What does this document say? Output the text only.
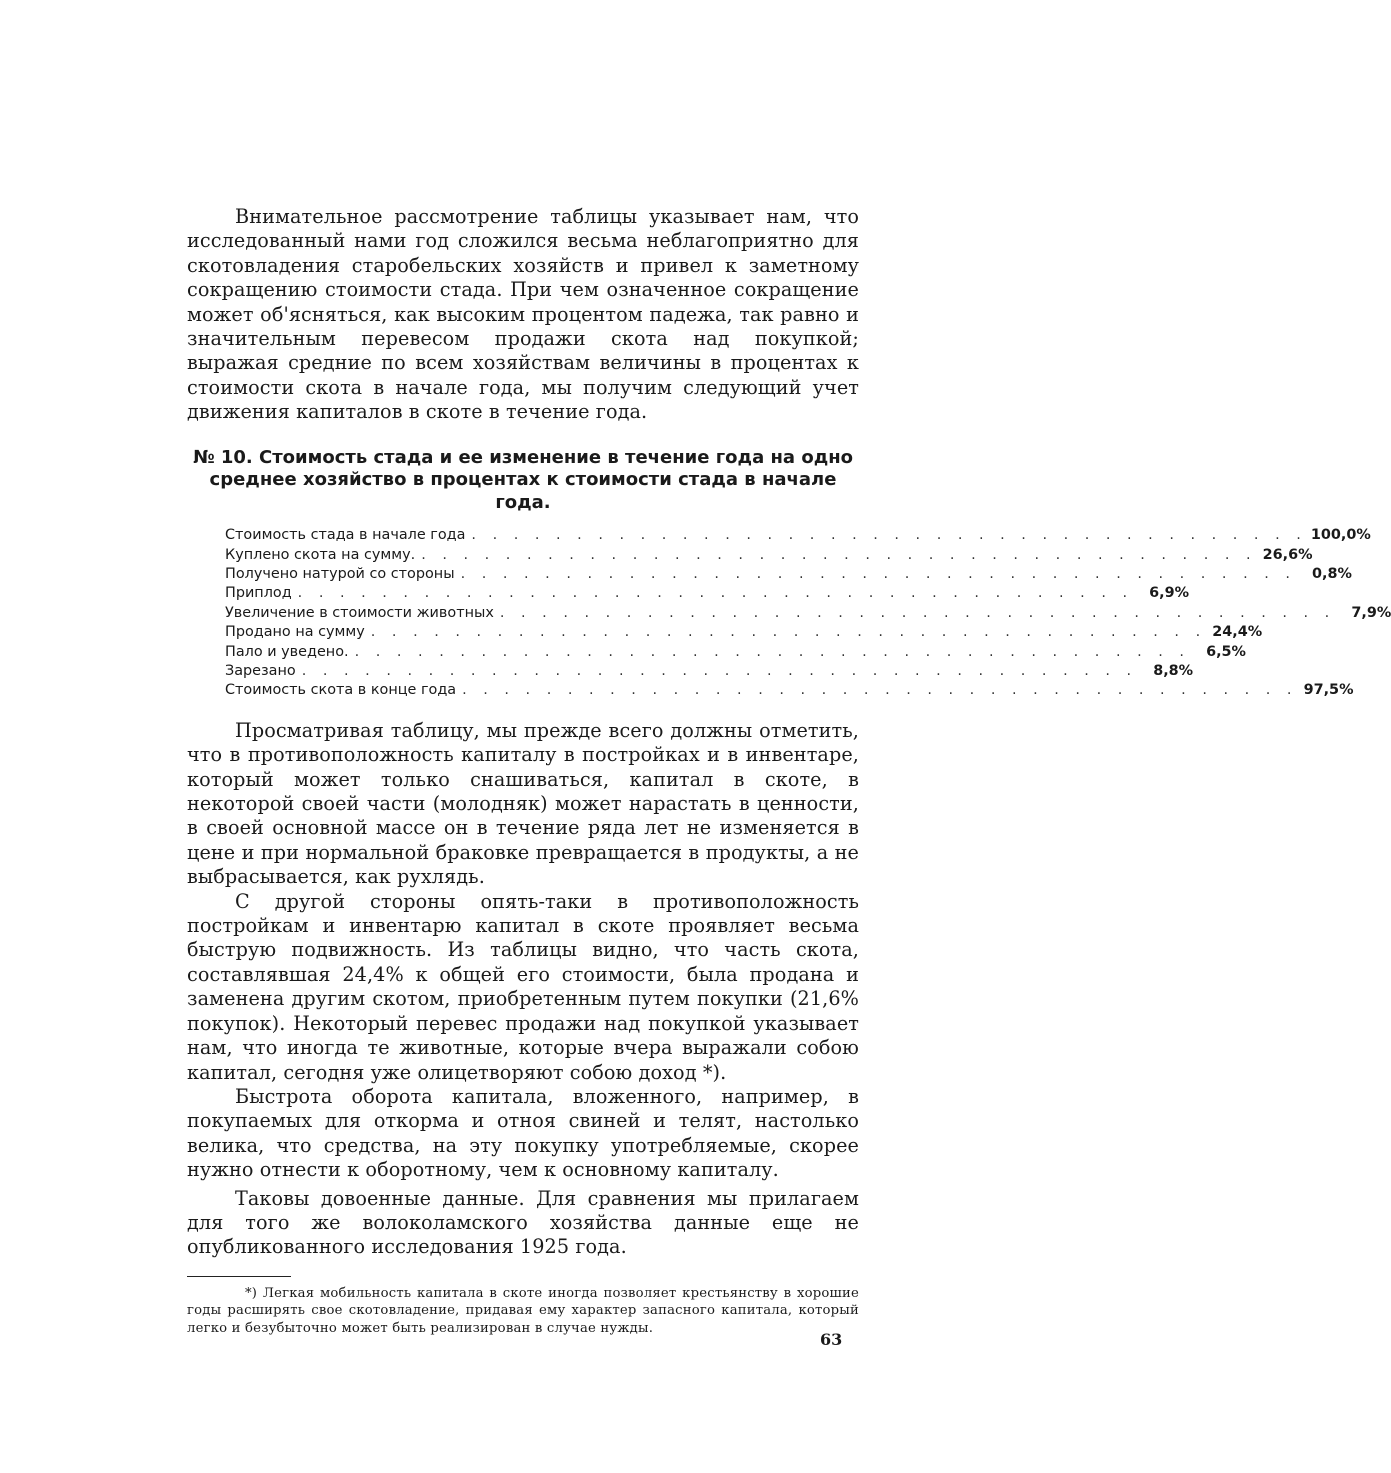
Внимательное рассмотрение таблицы указывает нам, что исследованный нами год сложился весьма неблагоприятно для скотовладения старобельских хозяйств и привел к заметному сокращению стоимости стада. При чем означенное сокращение может об'ясняться, как высоким процентом падежа, так равно и значительным перевесом продажи скота над покупкой; выражая средние по всем хозяйствам величины в процентах к стоимости скота в начале года, мы получим следующий учет движения капиталов в скоте в течение года.

№ 10. Стоимость стада и ее изменение в течение года на одно среднее хозяйство в процентах к стоимости стада в начале года.

Стоимость стада в начале года . . . . . . . . . . . . . . . . . . . . . . . . . . . . . . . . . . . . . . . . 100,0%
Куплено скота на сумму. . . . . . . . . . . . . . . . . . . . . . . . . . . . . . . . . . . . . . . . . 26,6%
Получено натурой со стороны . . . . . . . . . . . . . . . . . . . . . . . . . . . . . . . . . . . . . . . .	0,8%
Приплод . . . . . . . . . . . . . . . . . . . . . . . . . . . . . . . . . . . . . . . .	6,9%
Увеличение в стоимости животных . . . . . . . . . . . . . . . . . . . . . . . . . . . . . . . . . . . . . . . .	7,9%
Продано на сумму . . . . . . . . . . . . . . . . . . . . . . . . . . . . . . . . . . . . . . . . 24,4%
Пало и уведено. . . . . . . . . . . . . . . . . . . . . . . . . . . . . . . . . . . . . . . . .	6,5%
Зарезано . . . . . . . . . . . . . . . . . . . . . . . . . . . . . . . . . . . . . . . .	8,8%
Стоимость скота в конце года . . . . . . . . . . . . . . . . . . . . . . . . . . . . . . . . . . . . . . . . 97,5%

Просматривая таблицу, мы прежде всего должны отметить, что в противоположность капиталу в постройках и в инвентаре, который может только снашиваться, капитал в скоте, в некоторой своей части (молодняк) может нарастать в ценности, в своей основной массе он в течение ряда лет не изменяется в цене и при нормальной браковке превращается в продукты, а не выбрасывается, как рухлядь.

С другой стороны опять-таки в противоположность постройкам и инвентарю капитал в скоте проявляет весьма быструю подвижность. Из таблицы видно, что часть скота, составлявшая 24,4% к общей его стоимости, была продана и заменена другим скотом, приобретенным путем покупки (21,6% покупок). Некоторый перевес продажи над покупкой указывает нам, что иногда те животные, которые вчера выражали собою капитал, сегодня уже олицетворяют собою доход *).

Быстрота оборота капитала, вложенного, например, в покупаемых для откорма и отноя свиней и телят, настолько велика, что средства, на эту покупку употребляемые, скорее нужно отнести к оборотному, чем к основному капиталу.

Таковы довоенные данные. Для сравнения мы прилагаем для того же волоколамского хозяйства данные еще не опубликованного исследования 1925 года.

*) Легкая мобильность капитала в скоте иногда позволяет крестьянству в хорошие годы расширять свое скотовладение, придавая ему характер запасного капитала, который легко и безубыточно может быть реализирован в случае нужды.

63
